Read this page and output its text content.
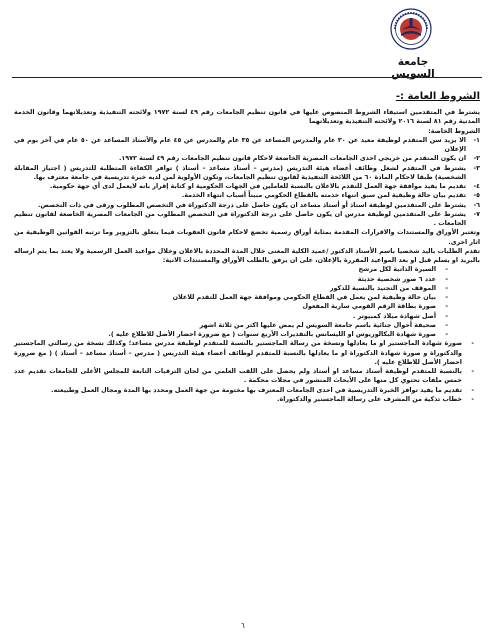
جامعة السويس
الشروط العامة :-

يشترط في المتقدمين استيفاء الشروط المنصوص عليها في قانون تنظيم الجامعات رقم ٤٩ لسنة ١٩٧٢ ولائحته التنفيذية وتعديلاتهما وقانون الخدمة المدنية رقم ٨١ لسنة ٢٠١٦ ولائحته التنفيذية وتعديلاتهما

الشروط الخاصة:

١-
الا يزيد سن المتقدم لوظيفة معيد عن ٣٠ عام والمدرس المساعد عن ٣٥ عام والمدرس عن ٤٥ عام والأستاذ المساعد عن ٥٠ عام في آخر يوم في الإعلان
٢-
ان يكون المتقدم من خريجي احدى الجامعات المصرية الخاضعة لاحكام قانون تنظيم الجامعات رقم ٤٩ لسنة ١٩٧٢.
٣-
يشترط في المتقدم لشغل وظائف أعضاء هيئة التدريس (مدرس – أستاذ مساعد – أستاذ ) توافر الكفاءة المتطلبة للتدريس ( اجتياز المقابلة الشخصية) طبقا لاحكام المادة ٦٠ من اللائحة التنفيذية لقانون تنظيم الجامعات، وتكون الأولوية لمن لديه خبرة تدريسية في جامعة معترف بها.
٤-
تقديم ما يفيد موافقة جهة العمل للتقدم بالاعلان بالنسبة للعاملين في الجهات الحكومية او كتابة إقرار بانه لايعمل لدى أي جهة حكومية.
٥-
تقديم بيان حالة وظيفية لمن سبق انتهاء خدمته بالقطاع الحكومي مبيناً أسباب انتهاء الخدمة.
٦-
يشترط على المتقدمين لوظيفة استاذ أو أستاذ مساعد ان يكون حاصل على درجة الدكتوراة في التخصص المطلوب ورقى في ذات التخصص.
٧-
يشترط على المتقدمين لوظيفة مدرس ان يكون حاصل على درجة الدكتوراة في التخصص المطلوب من الجامعات المصرية الخاضعة لقانون تنظيم الجامعات .

وتعتبر الأوراق والمستندات والاقرارات المقدمة بمثابة أوراق رسمية تخضع لاحكام قانون العقوبات فيما يتعلق بالتزوير وما ترتبه القوانين الوظيفية من اثار اخرى.

تقدم الطلبات باليد شخصيا باسم الأستاذ الدكتور /عميد الكلية المعنى خلال المدة المحددة بالاعلان وخلال مواعيد العمل الرسمية ولا يعتد بما يتم ارساله بالبريد او يسلم قبل او بعد المواعيد المقررة بالإعلان، على ان يرفق بالطلب الأوراق والمستندات الاتية:

-
السيرة الذاتية لكل مرشح
-
عدد ٦ صور شخصية حديثة
-
الموقف من التجنيد بالنسبة للذكور
-
بيان حالة وظيفية لمن يعمل في القطاع الحكومي وموافقة جهة العمل للتقدم للاعلان
-
صورة بطاقة الرقم القومي سارية المفعول
-
أصل شهادة ميلاد كمبيوتر .
-
صحيفة أحوال جنائية باسم جامعة السويس لم يمض عليها اكثر من ثلاثة اشهر
-
صورة شهادة البكالوريوس او الليسانس بالتقديرات الأربع سنوات ( مع ضرورة احضار الأصل للاطلاع عليه ).
-
صورة شهادة الماجستير او ما يعادلها ونسخة من رسالة الماجستير بالنسبة للمتقدم لوظيفة مدرس مساعد؛ وكذلك نسخة من رسالتي الماجستير والدكتوراة و صورة شهادة الدكتوراة او ما يعادلها بالنسبة للمتقدم لوظائف أعضاء هيئة التدريس ( مدرس – أستاذ مساعد – أستاذ ) ( مع ضرورة احضار الأصل للاطلاع عليه ).
-
بالنسبة للمتقدم لوظيفة أستاذ مساعد او أستاذ ولم يحصل على اللقب العلمي من لجان الترقيات التابعة للمجلس الأعلى للجامعات تقديم عدد خمس ملفات تحتوي كل منها على الأبحاث المنشور في مجلات محكمة .
-
تقديم ما يفيد توافر الخبرة التدريسية في احدى الجامعات المعترف بها مختومة من جهة العمل ومحدد بها المدة ومجال العمل وطبيعته.
-
خطاب تذكية من المشرف على رسالة الماجستير والدكتوراة.
٦
